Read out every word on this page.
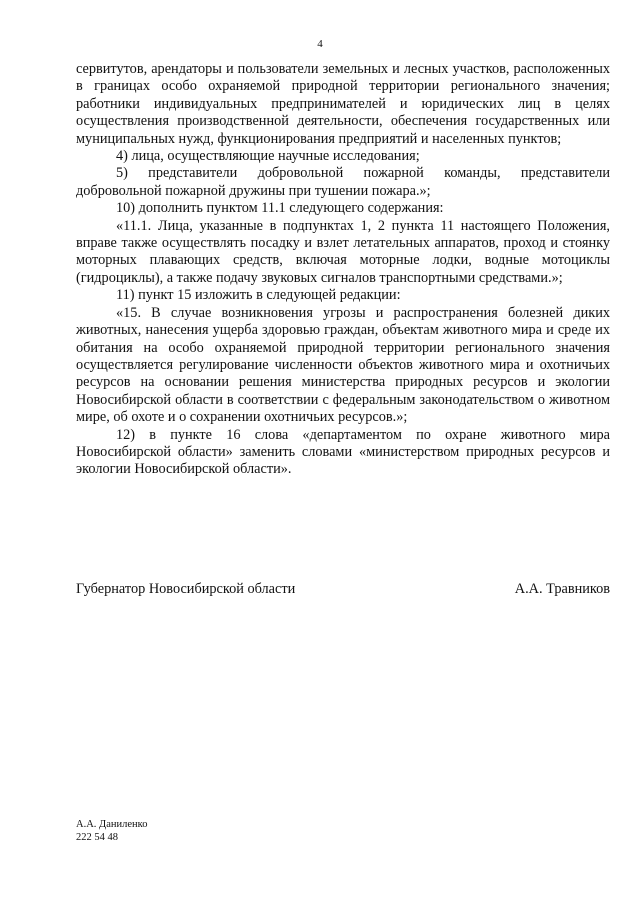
4

сервитутов, арендаторы и пользователи земельных и лесных участков, расположенных в границах особо охраняемой природной территории регионального значения; работники индивидуальных предпринимателей и юридических лиц в целях осуществления производственной деятельности, обеспечения государственных или муниципальных нужд, функционирования предприятий и населенных пунктов;

4) лица, осуществляющие научные исследования;

5) представители добровольной пожарной команды, представители добровольной пожарной дружины при тушении пожара.»;

10) дополнить пунктом 11.1 следующего содержания:

«11.1. Лица, указанные в подпунктах 1, 2 пункта 11 настоящего Положения, вправе также осуществлять посадку и взлет летательных аппаратов, проход и стоянку моторных плавающих средств, включая моторные лодки, водные мотоциклы (гидроциклы), а также подачу звуковых сигналов транспортными средствами.»;

11) пункт 15 изложить в следующей редакции:

«15. В случае возникновения угрозы и распространения болезней диких животных, нанесения ущерба здоровью граждан, объектам животного мира и среде их обитания на особо охраняемой природной территории регионального значения осуществляется регулирование численности объектов животного мира и охотничьих ресурсов на основании решения министерства природных ресурсов и экологии Новосибирской области в соответствии с федеральным законодательством о животном мире, об охоте и о сохранении охотничьих ресурсов.»;

12) в пункте 16 слова «департаментом по охране животного мира Новосибирской области» заменить словами «министерством природных ресурсов и экологии Новосибирской области».

Губернатор Новосибирской области	А.А. Травников
А.А. Даниленко
222 54 48
